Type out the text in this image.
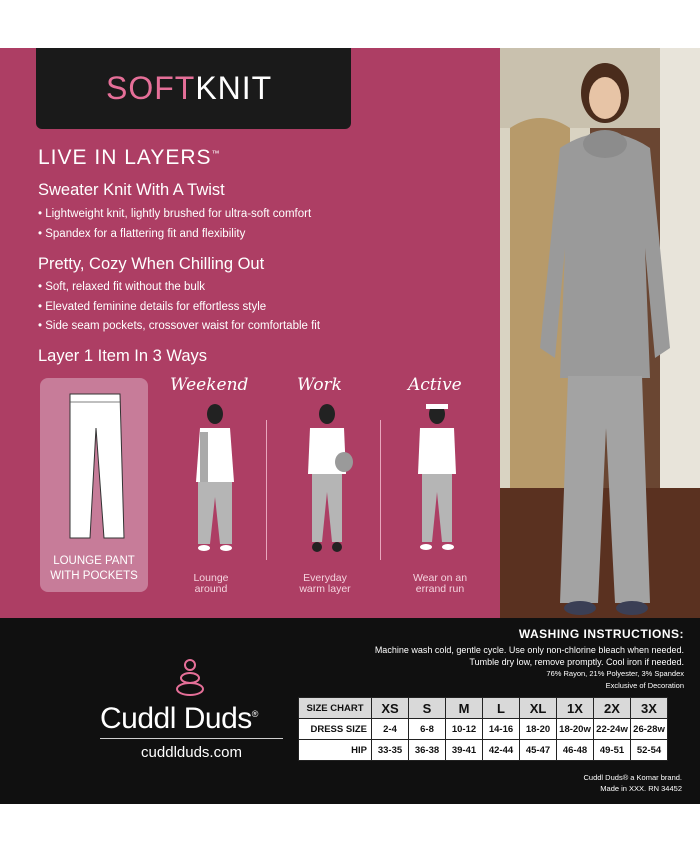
SOFTKNIT
LIVE IN LAYERS™
Sweater Knit With A Twist
• Lightweight knit, lightly brushed for ultra-soft comfort
• Spandex for a flattering fit and flexibility
Pretty, Cozy When Chilling Out
• Soft, relaxed fit without the bulk
• Elevated feminine details for effortless style
• Side seam pockets, crossover waist for comfortable fit
Layer 1 Item In 3 Ways
LOUNGE PANT
WITH POCKETS
Weekend	Work	Active
Lounge
around
Everyday
warm layer
Wear on an
errand run
Cuddl Duds®
cuddlduds.com
WASHING INSTRUCTIONS:
Machine wash cold, gentle cycle. Use only non-chlorine bleach when needed.
Tumble dry low, remove promptly. Cool iron if needed.
76% Rayon, 21% Polyester, 3% Spandex
Exclusive of Decoration
SIZE CHART	XS	S	M	L	XL	1X	2X	3X
DRESS SIZE	2-4	6-8	10-12	14-16	18-20	18-20w	22-24w	26-28w
HIP	33-35	36-38	39-41	42-44	45-47	46-48	49-51	52-54
Cuddl Duds® a Komar brand.
Made in XXX. RN 34452
